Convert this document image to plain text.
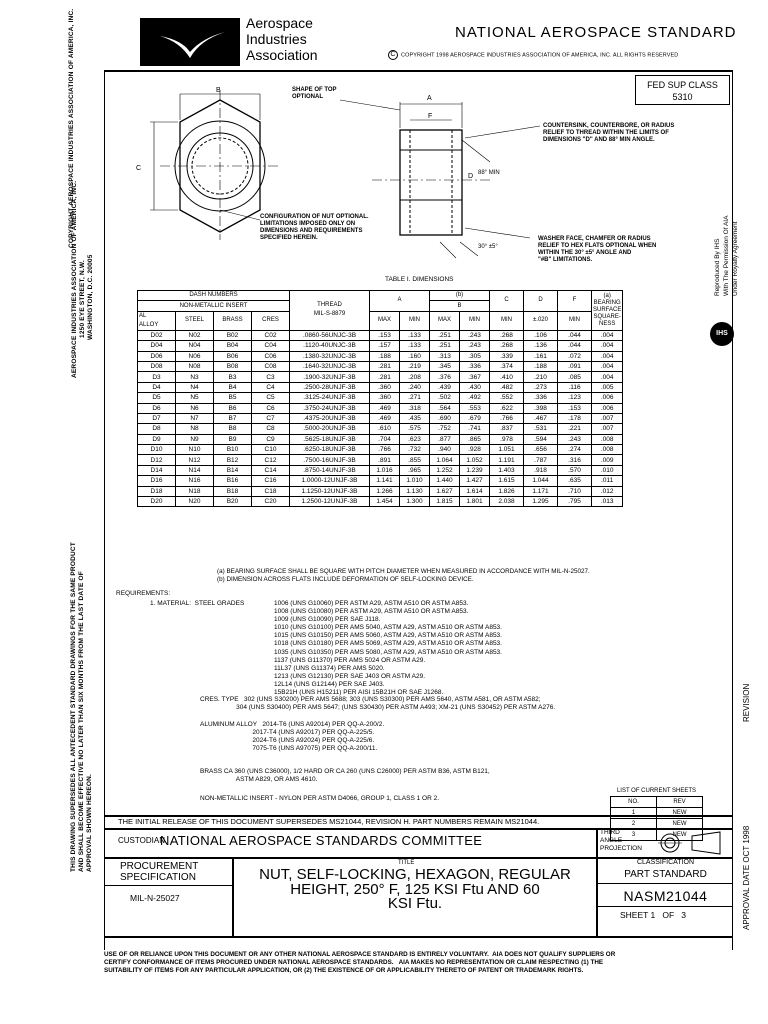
Aerospace
Industries
Association
NATIONAL AEROSPACE STANDARD
C COPYRIGHT 1998 AEROSPACE INDUSTRIES ASSOCIATION OF AMERICA, INC. ALL RIGHTS RESERVED
FED SUP CLASS
5310
COPYRIGHT AEROSPACE INDUSTRIES ASSOCIATION OF AMERICA, INC.
AEROSPACE INDUSTRIES ASSOCIATION OF AMERICA, INC. 1250 EYE STREET, N.W. WASHINGTON, D.C. 20005
THIS DRAWING SUPERSEDES ALL ANTECEDENT STANDARD DRAWINGS FOR THE SAME PRODUCT AND SHALL BECOME EFFECTIVE NO LATER THAN SIX MONTHS FROM THE LAST DATE OF APPROVAL SHOWN HEREON.
Reproduced By IHS
With The Permission Of AIA
Under Royalty Agreement
IHS
REVISION
APPROVAL DATE OCT 1998
B
C
A
F
D 88° MIN
30° ±5°
SHAPE OF TOP
OPTIONAL
COUNTERSINK, COUNTERBORE, OR RADIUS
RELIEF TO THREAD WITHIN THE LIMITS OF
DIMENSIONS "D" AND 88° MIN ANGLE.
CONFIGURATION OF NUT OPTIONAL.
LIMITATIONS IMPOSED ONLY ON
DIMENSIONS AND REQUIREMENTS
SPECIFIED HEREIN.	WASHER FACE, CHAMFER OR RADIUS
RELIEF TO HEX FLATS OPTIONAL WHEN
WITHIN THE 30° ±5° ANGLE AND
"#B" LIMITATIONS.
TABLE I. DIMENSIONS
DASH NUMBERS				THREAD
MIL-S-8879	A		(b)		C	D	F	(a)
BEARING
SURFACE
SQUARE-
NESS
NON-METALLIC INSERT							B					
AL
ALLOY	STEEL	BRASS	CRES		MAX	MIN	MAX	MIN	MIN	±.020	MIN	
D02	N02	B02	C02	.0860-56UNJC-3B	.153	.133	.251	.243	.268	.106	.044	.004
D04	N04	B04	C04	.1120-40UNJC-3B	.157	.133	.251	.243	.268	.136	.044	.004
D06	N06	B06	C06	.1380-32UNJC-3B	.188	.160	.313	.305	.339	.161	.072	.004
D08	N08	B08	C08	.1640-32UNJC-3B	.281	.219	.345	.336	.374	.188	.091	.004
D3	N3	B3	C3	.1900-32UNJF-3B	.281	.208	.376	.367	.410	.210	.085	.004
D4	N4	B4	C4	.2500-28UNJF-3B	.360	.240	.439	.430	.482	.273	.116	.005
D5	N5	B5	C5	.3125-24UNJF-3B	.360	.271	.502	.492	.552	.336	.123	.006
D6	N6	B6	C6	.3750-24UNJF-3B	.469	.318	.564	.553	.622	.398	.153	.006
D7	N7	B7	C7	.4375-20UNJF-3B	.469	.435	.690	.679	.766	.467	.178	.007
D8	N8	B8	C8	.5000-20UNJF-3B	.610	.575	.752	.741	.837	.531	.221	.007
D9	N9	B9	C9	.5625-18UNJF-3B	.704	.623	.877	.865	.978	.594	.243	.008
D10	N10	B10	C10	.6250-18UNJF-3B	.766	.732	.940	.928	1.051	.656	.274	.008
D12	N12	B12	C12	.7500-16UNJF-3B	.891	.855	1.064	1.052	1.191	.787	.316	.009
D14	N14	B14	C14	.8750-14UNJF-3B	1.016	.965	1.252	1.239	1.403	.918	.570	.010
D16	N16	B16	C16	1.0000-12UNJF-3B	1.141	1.010	1.440	1.427	1.615	1.044	.635	.011
D18	N18	B18	C18	1.1250-12UNJF-3B	1.266	1.130	1.627	1.614	1.826	1.171	.710	.012
D20	N20	B20	C20	1.2500-12UNJF-3B	1.454	1.300	1.815	1.801	2.038	1.295	.795	.013
(a) BEARING SURFACE SHALL BE SQUARE WITH PITCH DIAMETER WHEN MEASURED IN ACCORDANCE WITH MIL-N-25027.
(b) DIMENSION ACROSS FLATS INCLUDE DEFORMATION OF SELF-LOCKING DEVICE.
REQUIREMENTS:
1. MATERIAL:  STEEL GRADES	1006 (UNS G10060) PER ASTM A29, ASTM A510 OR ASTM A853.
1008 (UNS G10080) PER ASTM A29, ASTM A510 OR ASTM A853.
1009 (UNS G10090) PER SAE J118.
1010 (UNS G10100) PER AMS 5040, ASTM A29, ASTM A510 OR ASTM A853.
1015 (UNS G10150) PER AMS 5060, ASTM A29, ASTM A510 OR ASTM A853.
1018 (UNS G10180) PER AMS 5069, ASTM A29, ASTM A510 OR ASTM A853.
1035 (UNS G10350) PER AMS 5080, ASTM A29, ASTM A510 OR ASTM A853.
1137 (UNS G11370) PER AMS 5024 OR ASTM A29.
11L37 (UNS G11374) PER AMS 5020.
1213 (UNS G12130) PER SAE J403 OR ASTM A29.
12L14 (UNS G12144) PER SAE J403.
15B21H (UNS H15211) PER AISI 15B21H OR SAE J1268.
CRES. TYPE   302 (UNS S30200) PER AMS 5688; 303 (UNS S30300) PER AMS 5640, ASTM A581, OR ASTM A582;
304 (UNS S30400) PER AMS 5647; (UNS S30430) PER ASTM A493; XM-21 (UNS S30452) PER ASTM A276.
ALUMINUM ALLOY   2014-T6 (UNS A92014) PER QQ-A-200/2.
2017-T4 (UNS A92017) PER QQ-A-225/5.
2024-T6 (UNS A92024) PER QQ-A-225/6.
7075-T6 (UNS A97075) PER QQ-A-200/11.
BRASS CA 360 (UNS C36000), 1/2 HARD OR CA 260 (UNS C26000) PER ASTM B36, ASTM B121,
ASTM A829, OR AMS 4610.
NON-METALLIC INSERT - NYLON PER ASTM D4066, GROUP 1, CLASS 1 OR 2.
LIST OF CURRENT SHEETS	
NO.	REV
1	NEW
2	NEW
3	NEW
THE INITIAL RELEASE OF THIS DOCUMENT SUPERSEDES MS21044, REVISION H. PART NUMBERS REMAIN MS21044.
CUSTODIAN
NATIONAL AEROSPACE STANDARDS COMMITTEE
THIRD
ANGLE
PROJECTION
PROCUREMENT
SPECIFICATION
MIL-N-25027
TITLE
NUT, SELF-LOCKING, HEXAGON, REGULAR
HEIGHT, 250° F, 125 KSI Ftu AND 60
KSI Ftu.
CLASSIFICATION
PART STANDARD
NASM21044
SHEET 1   OF   3
USE OF OR RELIANCE UPON THIS DOCUMENT OR ANY OTHER NATIONAL AEROSPACE STANDARD IS ENTIRELY VOLUNTARY.  AIA DOES NOT QUALIFY SUPPLIERS OR
CERTIFY CONFORMANCE OF ITEMS PROCURED UNDER NATIONAL AEROSPACE STANDARDS.   AIA MAKES NO REPRESENTATION OR CLAIM RESPECTING (1) THE
SUITABILITY OF ITEMS FOR ANY PARTICULAR APPLICATION, OR (2) THE EXISTENCE OF OR APPLICABILITY THERETO OF PATENT OR TRADEMARK RIGHTS.
